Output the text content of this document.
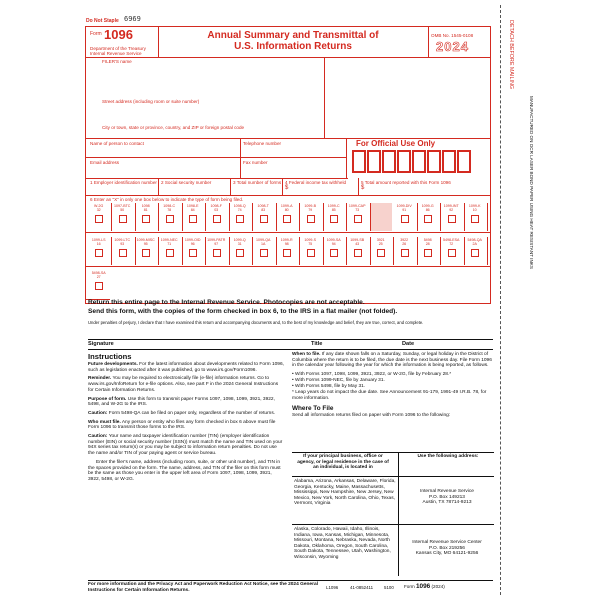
Do Not Staple 6969
DETACH BEFORE MAILING
MANUFACTURED ON OCR LASER BOND PAPER USING HEAT RESISTANT INKS
Form 1096
Department of the Treasury
Internal Revenue Service
Annual Summary and Transmittal of
U.S. Information Returns
OMB No. 1545-0108
2024
FILER'S name
Street address (including room or suite number)
City or town, state or province, country, and ZIP or foreign postal code
Name of person to contact	Telephone number
Email address	Fax number
For Official Use Only
1 Employer identification number 2 Social security number	3 Total number of forms 4 Federal income tax withheld
$
5 Total amount reported with this Form 1096
$
6 Enter an "X" in only one box below to indicate the type of form being filed.
W-2G
32
1097-BTC
50
1098
81
1098-C
78
1098-E
84
1098-F
03
1098-Q
74
1098-T
83
1099-A
80
1099-B
79
1099-C
85
1099-CAP
73
1099-DIV
91
1099-G
86
1099-INT
92
1099-K
10
1099-LS
16
1099-LTC
93
1099-MISC
95
1099-NEC
71
1099-OID
96
1099-PATR
97
1099-Q
31
1099-QA
1A
1099-R
98
1099-S
75
1099-SA
94
1099-SB
43
3921
25
3922
26
5498
28
5498-ESA
72
5498-QA
2A
5498-SA
27
Return this entire page to the Internal Revenue Service. Photocopies are not acceptable.
Send this form, with the copies of the form checked in box 6, to the IRS in a flat mailer (not folded).
Under penalties of perjury, I declare that I have examined this return and accompanying documents and, to the best of my knowledge and belief, they are true, correct, and complete.
Signature	Title	Date
Instructions

Future developments. For the latest information about developments related to Form 1096, such as legislation enacted after it was published, go to www.irs.gov/Form1096.

Reminder. You may be required to electronically file (e-file) information returns. Go to www.irs.gov/InfoReturn for e-file options. Also, see part F in the 2024 General Instructions for Certain Information Returns.

Purpose of form. Use this form to transmit paper Forms 1097, 1098, 1099, 3921, 3922, 5498, and W-2G to the IRS.

Caution: Form 5498-QA can be filed on paper only, regardless of the number of returns.

Who must file. Any person or entity who files any form checked in box 6 above must file Form 1096 to transmit those forms to the IRS.

Caution: Your name and taxpayer identification number (TIN) (employer identification number (EIN) or social security number (SSN)) must match the name and TIN used on your 94X series tax return(s) or you may be subject to information return penalties. Do not use the name and/or TIN of your paying agent or service bureau.

Enter the filer's name, address (including room, suite, or other unit number), and TIN in the spaces provided on the form. The name, address, and TIN of the filer on this form must be the same as those you enter in the upper left area of Form 1097, 1098, 1099, 3921, 3922, 5498, or W-2G.

When to file. If any date shown falls on a Saturday, Sunday, or legal holiday in the District of Columbia where the return is to be filed, the due date is the next business day. File Form 1096 in the calendar year following the year for which the information is being reported, as follows.

• With Forms 1097, 1098, 1099, 3921, 3922, or W-2G, file by February 28.*

• With Forms 1099-NEC, file by January 31.

• With Forms 5498, file by May 31.

* Leap years do not impact the due date. See Announcement 91-179, 1991-49 I.R.B. 78, for more information.

Where To File

Send all information returns filed on paper with Form 1096 to the following:

If your principal business, office or agency, or legal residence in the case of an individual, is located in
Use the following address:
Alabama, Arizona, Arkansas, Delaware, Florida, Georgia, Kentucky, Maine, Massachusetts, Mississippi, New Hampshire, New Jersey, New Mexico, New York, North Carolina, Ohio, Texas, Vermont, Virginia
Internal Revenue Service
P.O. Box 149213
Austin, TX 78714-9213
Alaska, Colorado, Hawaii, Idaho, Illinois, Indiana, Iowa, Kansas, Michigan, Minnesota, Missouri, Montana, Nebraska, Nevada, North Dakota, Oklahoma, Oregon, South Carolina, South Dakota, Tennessee, Utah, Washington, Wisconsin, Wyoming
Internal Revenue Service Center
P.O. Box 219256
Kansas City, MO 64121-9256
For more information and the Privacy Act and Paperwork Reduction Act Notice, see the 2024 General Instructions for Certain Information Returns.
L1096	41-0852411 5100 Form 1096 (2024)
